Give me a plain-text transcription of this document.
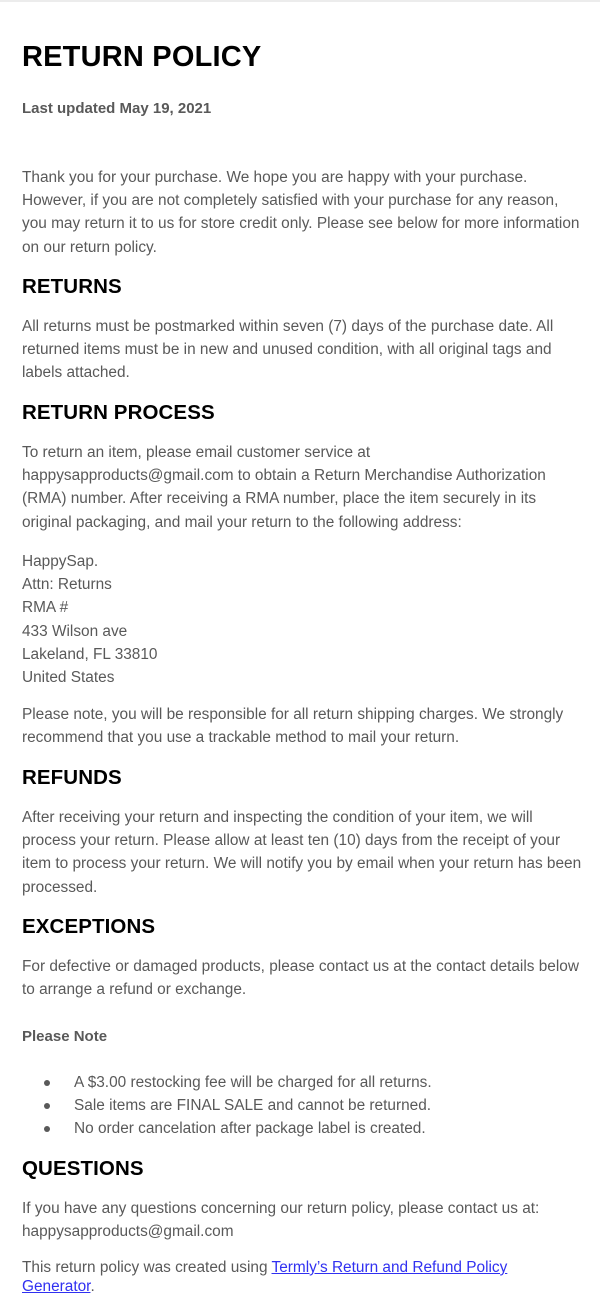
RETURN POLICY

Last updated May 19, 2021

Thank you for your purchase. We hope you are happy with your purchase.
However, if you are not completely satisfied with your purchase for any reason,
you may return it to us for store credit only. Please see below for more information
on our return policy.

RETURNS

All returns must be postmarked within seven (7) days of the purchase date. All
returned items must be in new and unused condition, with all original tags and
labels attached.

RETURN PROCESS

To return an item, please email customer service at
happysapproducts@gmail.com to obtain a Return Merchandise Authorization
(RMA) number. After receiving a RMA number, place the item securely in its
original packaging, and mail your return to the following address:

HappySap.
Attn: Returns
RMA #
433 Wilson ave
Lakeland, FL 33810
United States

Please note, you will be responsible for all return shipping charges. We strongly
recommend that you use a trackable method to mail your return.

REFUNDS

After receiving your return and inspecting the condition of your item, we will
process your return. Please allow at least ten (10) days from the receipt of your
item to process your return. We will notify you by email when your return has been
processed.

EXCEPTIONS

For defective or damaged products, please contact us at the contact details below
to arrange a refund or exchange.

Please Note

A $3.00 restocking fee will be charged for all returns.
Sale items are FINAL SALE and cannot be returned.
No order cancelation after package label is created.
QUESTIONS

If you have any questions concerning our return policy, please contact us at:
happysapproducts@gmail.com

This return policy was created using Termly’s Return and Refund Policy
Generator.
